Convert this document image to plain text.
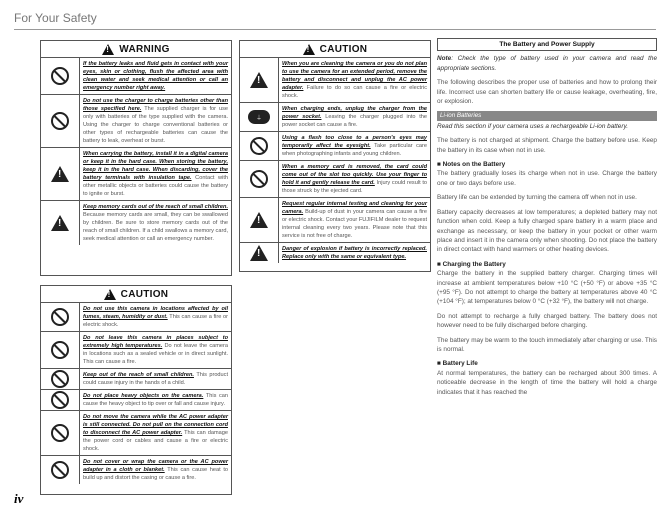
For Your Safety
!
WARNING
If the battery leaks and fluid gets in contact with your eyes, skin or clothing, flush the affected area with clean water and seek medical attention or call an emergency number right away.
Do not use the charger to charge batteries other than those specified here. The supplied charger is for use only with batteries of the type supplied with the camera. Using the charger to charge conventional batteries or other types of rechargeable batteries can cause the battery to leak, overheat or burst.
!
When carrying the battery, install it in a digital camera or keep it in the hard case. When storing the battery, keep it in the hard case. When discarding, cover the battery terminals with insulation tape. Contact with other metallic objects or batteries could cause the battery to ignite or burst.
!
Keep memory cards out of the reach of small children. Because memory cards are small, they can be swallowed by children. Be sure to store memory cards out of the reach of small children. If a child swallows a memory card, seek medical attention or call an emergency number.
!
CAUTION
Do not use this camera in locations affected by oil fumes, steam, humidity or dust. This can cause a fire or electric shock.
Do not leave this camera in places subject to extremely high temperatures. Do not leave the camera in locations such as a sealed vehicle or in direct sunlight. This can cause a fire.
Keep out of the reach of small children. This product could cause injury in the hands of a child.
Do not place heavy objects on the camera. This can cause the heavy object to tip over or fall and cause injury.
Do not move the camera while the AC power adapter is still connected. Do not pull on the connection cord to disconnect the AC power adapter. This can damage the power cord or cables and cause a fire or electric shock.
Do not cover or wrap the camera or the AC power adapter in a cloth or blanket. This can cause heat to build up and distort the casing or cause a fire.
!
CAUTION
!
When you are cleaning the camera or you do not plan to use the camera for an extended period, remove the battery and disconnect and unplug the AC power adapter. Failure to do so can cause a fire or electric shock.
⏚
When charging ends, unplug the charger from the power socket. Leaving the charger plugged into the power socket can cause a fire.
Using a flash too close to a person's eyes may temporarily affect the eyesight. Take particular care when photographing infants and young children.
When a memory card is removed, the card could come out of the slot too quickly. Use your finger to hold it and gently release the card. Injury could result to those struck by the ejected card.
!
Request regular internal testing and cleaning for your camera. Build-up of dust in your camera can cause a fire or electric shock. Contact your FUJIFILM dealer to request internal cleaning every two years. Please note that this service is not free of charge.
!
Danger of explosion if battery is incorrectly replaced. Replace only with the same or equivalent type.
The Battery and Power Supply

Note: Check the type of battery used in your camera and read the appropriate sections.

The following describes the proper use of batteries and how to prolong their life. Incorrect use can shorten battery life or cause leakage, overheating, fire, or explosion.

Li-ion Batteries

Read this section if your camera uses a rechargeable Li-ion battery.

The battery is not charged at shipment. Charge the battery before use. Keep the battery in its case when not in use.

■ Notes on the Battery

The battery gradually loses its charge when not in use. Charge the battery one or two days before use.

Battery life can be extended by turning the camera off when not in use.

Battery capacity decreases at low temperatures; a depleted battery may not function when cold. Keep a fully charged spare battery in a warm place and exchange as necessary, or keep the battery in your pocket or other warm place and insert it in the camera only when shooting. Do not place the battery in direct contact with hand warmers or other heating devices.

■ Charging the Battery

Charge the battery in the supplied battery charger. Charging times will increase at ambient temperatures below +10 °C (+50 °F) or above +35 °C (+95 °F). Do not attempt to charge the battery at temperatures above 40 °C (+104 °F); at temperatures below 0 °C (+32 °F), the battery will not charge.

Do not attempt to recharge a fully charged battery. The battery does not however need to be fully discharged before charging.

The battery may be warm to the touch immediately after charging or use. This is normal.

■ Battery Life

At normal temperatures, the battery can be recharged about 300 times. A noticeable decrease in the length of time the battery will hold a charge indicates that it has reached the

iv
